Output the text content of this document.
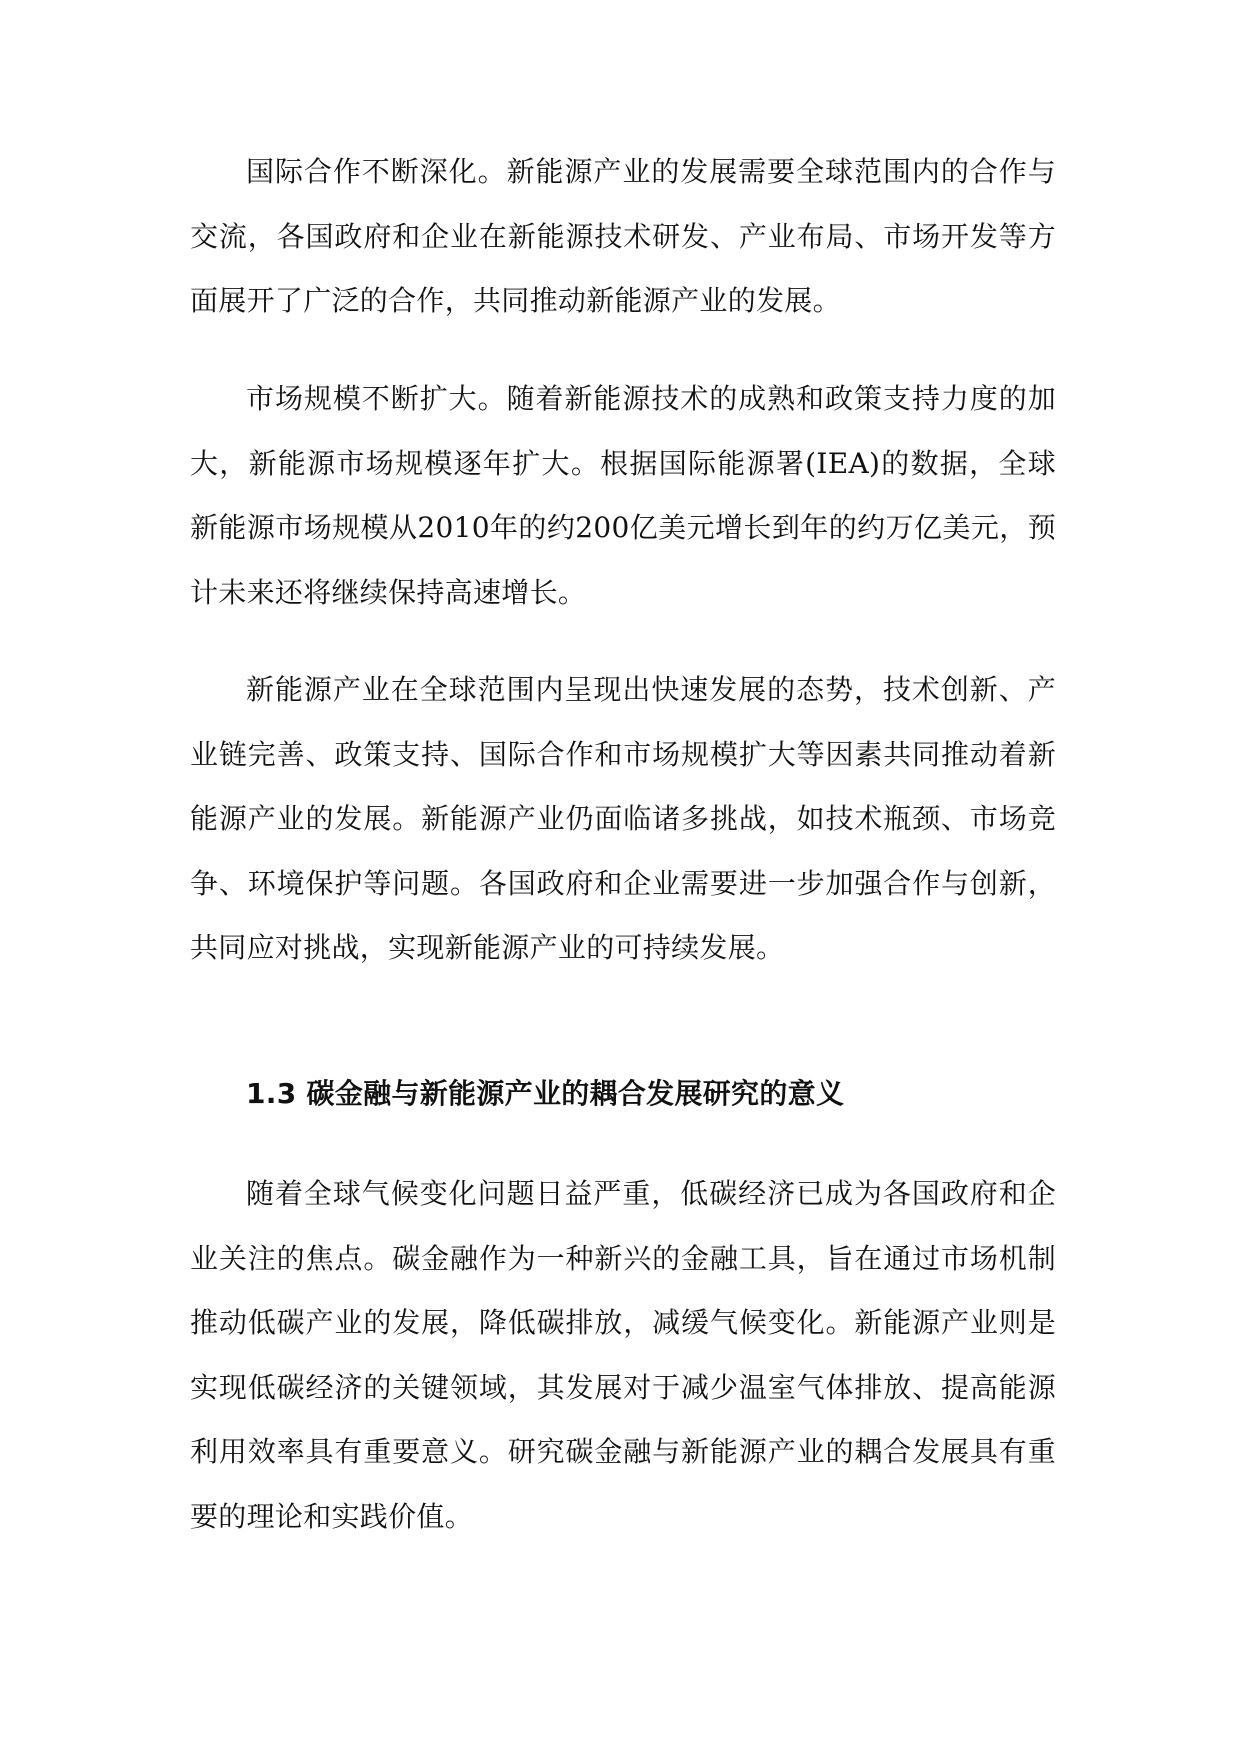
国际合作不断深化。新能源产业的发展需要全球范围内的合作与交流，各国政府和企业在新能源技术研发、产业布局、市场开发等方面展开了广泛的合作，共同推动新能源产业的发展。

市场规模不断扩大。随着新能源技术的成熟和政策支持力度的加大，新能源市场规模逐年扩大。根据国际能源署(IEA)的数据，全球新能源市场规模从2010年的约200亿美元增长到年的约万亿美元，预计未来还将继续保持高速增长。

新能源产业在全球范围内呈现出快速发展的态势，技术创新、产业链完善、政策支持、国际合作和市场规模扩大等因素共同推动着新能源产业的发展。新能源产业仍面临诸多挑战，如技术瓶颈、市场竞争、环境保护等问题。各国政府和企业需要进一步加强合作与创新，共同应对挑战，实现新能源产业的可持续发展。

1.3 碳金融与新能源产业的耦合发展研究的意义

随着全球气候变化问题日益严重，低碳经济已成为各国政府和企业关注的焦点。碳金融作为一种新兴的金融工具，旨在通过市场机制推动低碳产业的发展，降低碳排放，减缓气候变化。新能源产业则是实现低碳经济的关键领域，其发展对于减少温室气体排放、提高能源利用效率具有重要意义。研究碳金融与新能源产业的耦合发展具有重要的理论和实践价值。
